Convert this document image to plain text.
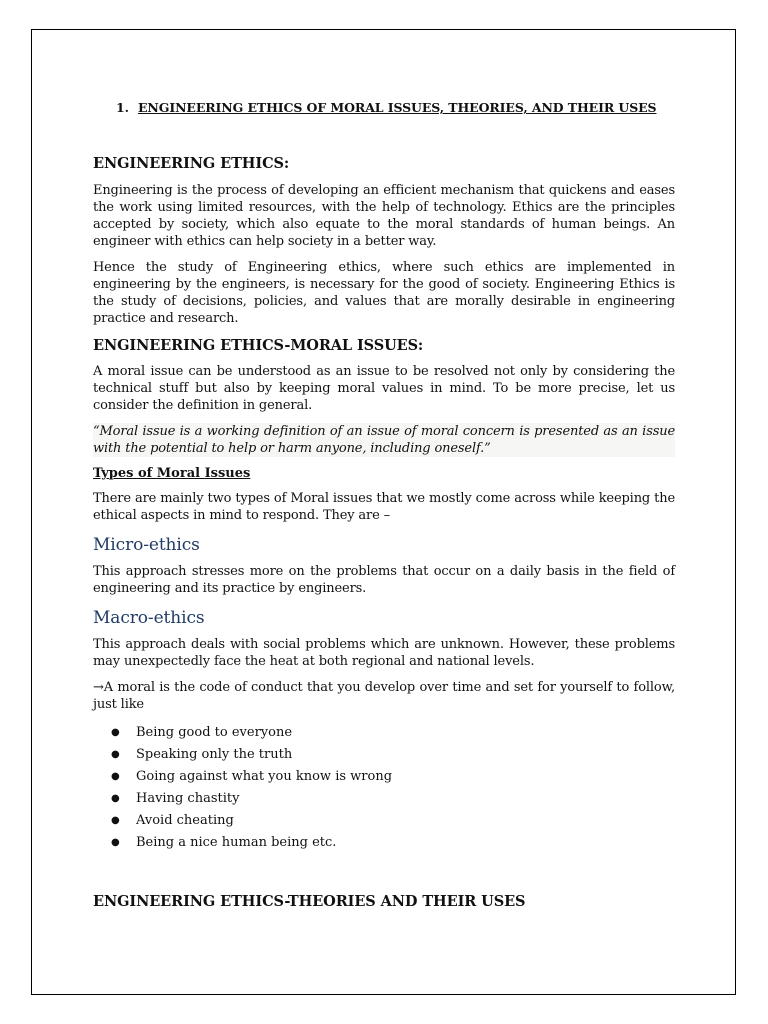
1. ENGINEERING ETHICS OF MORAL ISSUES, THEORIES, AND THEIR USES
ENGINEERING ETHICS:

Engineering is the process of developing an efficient mechanism that quickens and eases the work using limited resources, with the help of technology. Ethics are the principles accepted by society, which also equate to the moral standards of human beings. An engineer with ethics can help society in a better way.

Hence the study of Engineering ethics, where such ethics are implemented in engineering by the engineers, is necessary for the good of society. Engineering Ethics is the study of decisions, policies, and values that are morally desirable in engineering practice and research.

ENGINEERING ETHICS-MORAL ISSUES:

A moral issue can be understood as an issue to be resolved not only by considering the technical stuff but also by keeping moral values in mind. To be more precise, let us consider the definition in general.

“Moral issue is a working definition of an issue of moral concern is presented as an issue with the potential to help or harm anyone, including oneself.”

Types of Moral Issues

There are mainly two types of Moral issues that we mostly come across while keeping the ethical aspects in mind to respond. They are –

Micro-ethics

This approach stresses more on the problems that occur on a daily basis in the field of engineering and its practice by engineers.

Macro-ethics

This approach deals with social problems which are unknown. However, these problems may unexpectedly face the heat at both regional and national levels.

→A moral is the code of conduct that you develop over time and set for yourself to follow, just like

● Being good to everyone
● Speaking only the truth
● Going against what you know is wrong
● Having chastity
● Avoid cheating
● Being a nice human being etc.
ENGINEERING ETHICS-THEORIES AND THEIR USES
